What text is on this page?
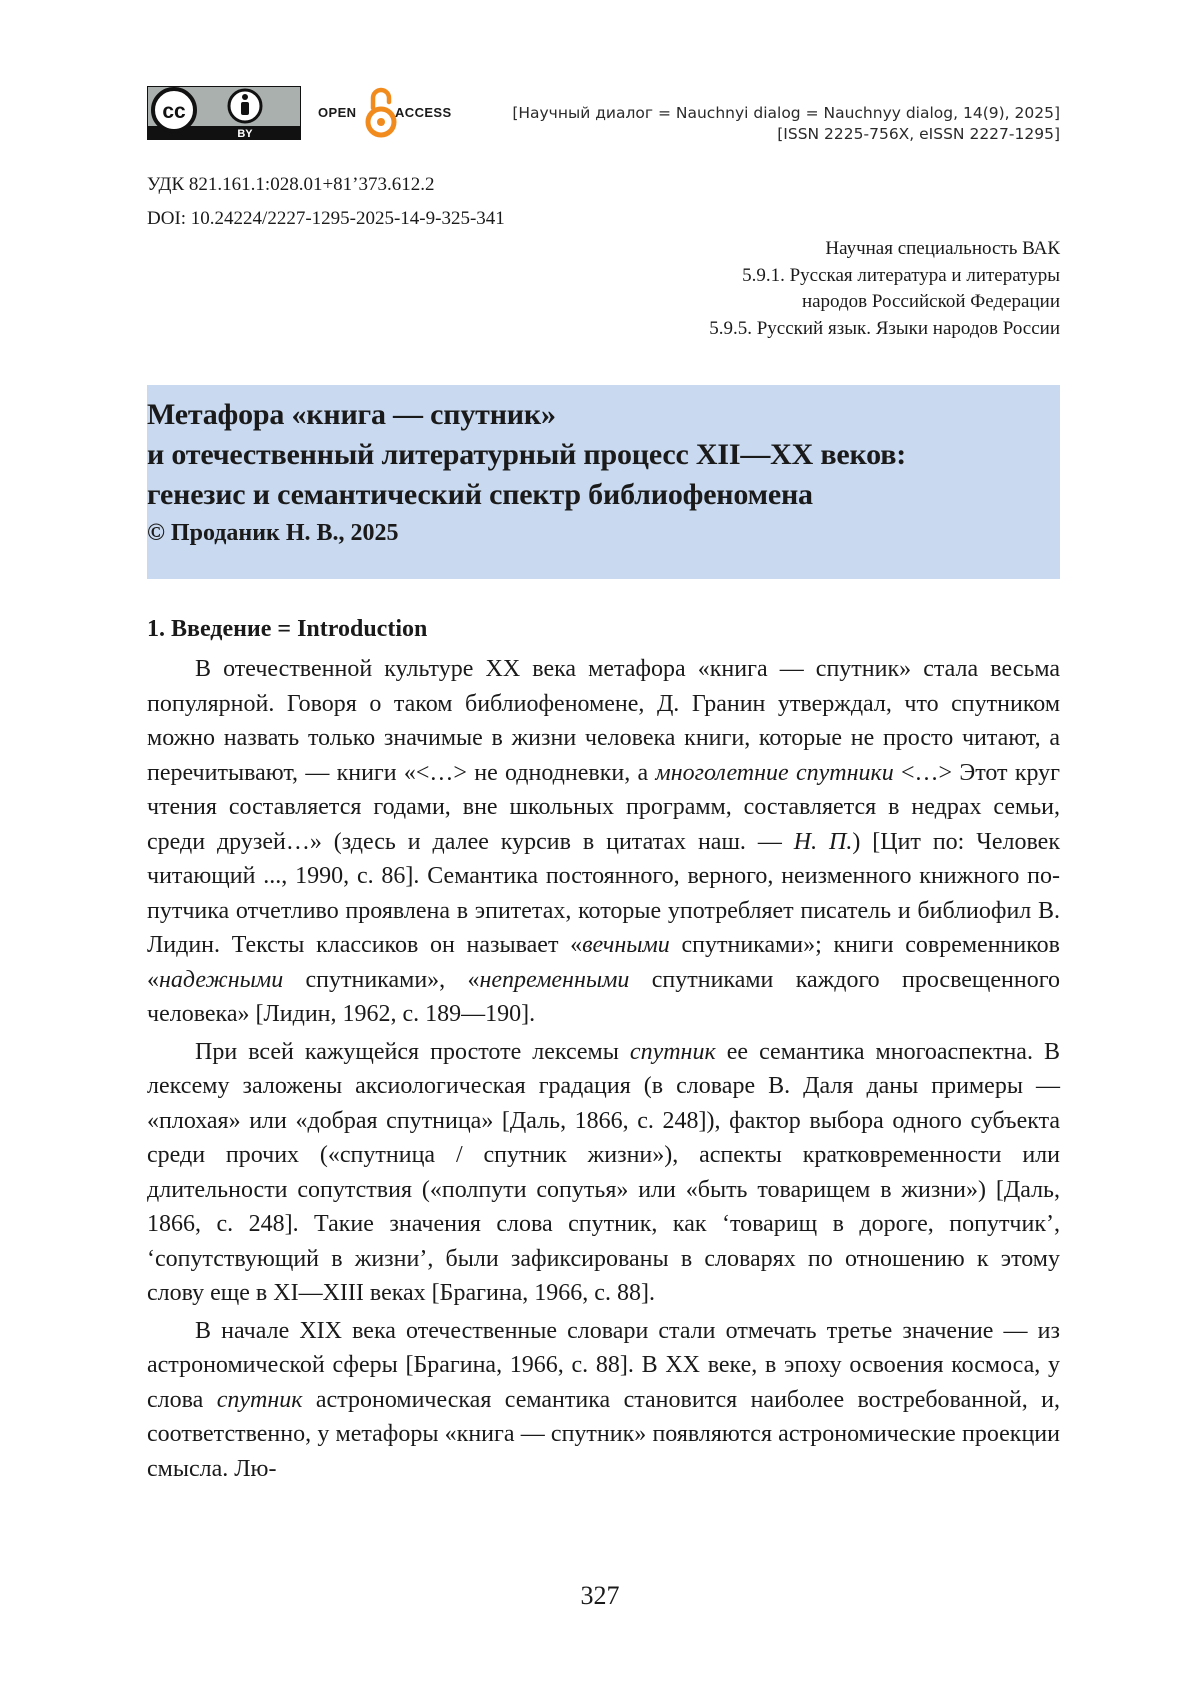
cc
BY
OPEN	ACCESS	[Научный диалог = Nauchnyi dialog = Nauchnyy dialog, 14(9), 2025]
[ISSN 2225-756X, eISSN 2227-1295]
УДК 821.161.1:028.01+81’373.612.2
DOI: 10.24224/2227-1295-2025-14-9-325-341
Научная специальность ВАК
5.9.1. Русская литература и литературы
народов Российской Федерации
5.9.5. Русский язык. Языки народов России
Метафора «книга — спутник»
и отечественный литературный процесс XII—XX веков:
генезис и семантический спектр библиофеномена
© Проданик Н. В., 2025
1. Введение = Introduction

В отечественной культуре XX века метафора «книга — спутник» стала весьма популярной. Говоря о таком библиофеномене, Д. Гранин утверждал, что спутником можно назвать только значимые в жизни человека книги, которые не просто читают, а перечитывают, — книги «<…> не однодневки, а многолетние спутники <…> Этот круг чтения составляется годами, вне школьных программ, составляется в недрах семьи, среди друзей…» (здесь и далее курсив в цитатах наш. — Н. П.) [Цит по: Человек читающий ..., 1990, с. 86]. Семантика постоянного, верного, неизменного книжного попутчика отчетливо проявлена в эпитетах, которые употребляет писатель и библиофил В. Лидин. Тексты классиков он называет «вечными спутниками»; книги современников «надежными спутниками», «непременными спутниками каждого просвещенного человека» [Лидин, 1962, с. 189—190].

При всей кажущейся простоте лексемы спутник ее семантика многоаспектна. В лексему заложены аксиологическая градация (в словаре В. Даля даны примеры — «плохая» или «добрая спутница» [Даль, 1866, с. 248]), фактор выбора одного субъекта среди прочих («спутница / спутник жизни»), аспекты кратковременности или длительности сопутствия («полпути сопутья» или «быть товарищем в жизни») [Даль, 1866, с. 248]. Такие значения слова спутник, как ‘товарищ в дороге, попутчик’, ‘сопутствующий в жизни’, были зафиксированы в словарях по отношению к этому слову еще в XI—XIII веках [Брагина, 1966, с. 88].

В начале XIX века отечественные словари стали отмечать третье значение — из астрономической сферы [Брагина, 1966, с. 88]. В XX веке, в эпоху освоения космоса, у слова спутник астрономическая семантика становится наиболее востребованной, и, соответственно, у метафоры «книга — спутник» появляются астрономические проекции смысла. Лю-

327
